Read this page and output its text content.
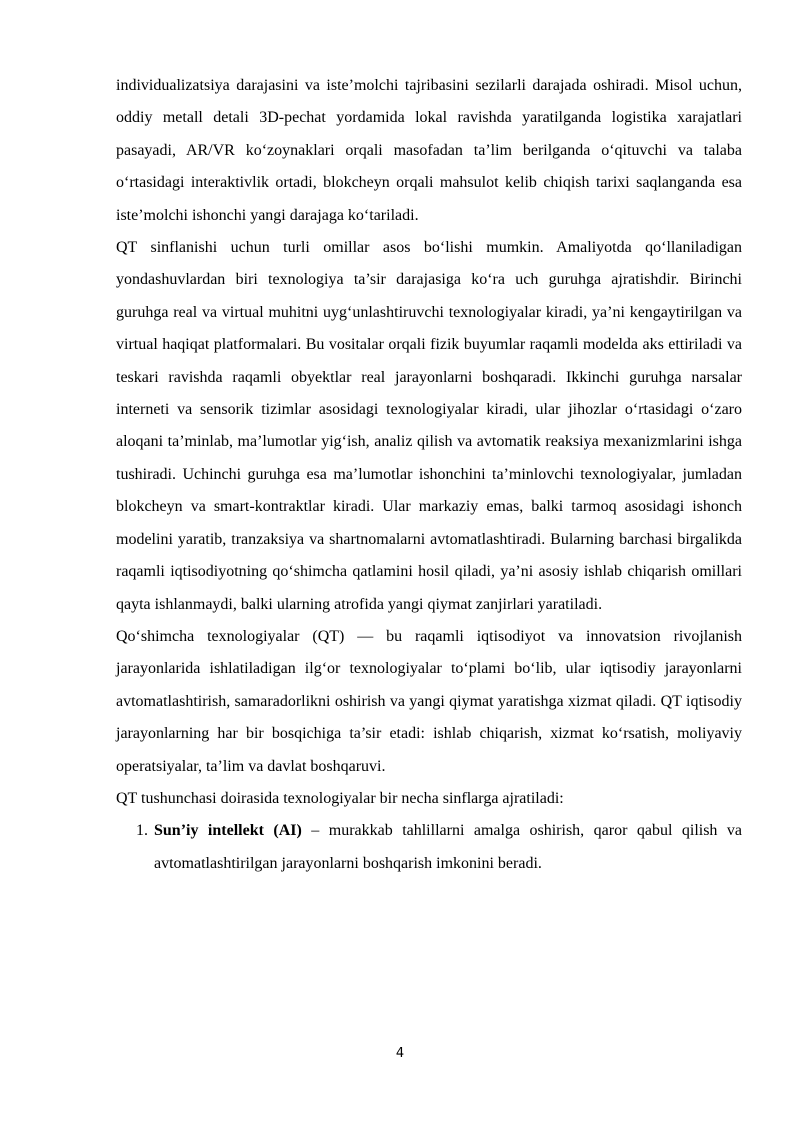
individualizatsiya darajasini va iste’molchi tajribasini sezilarli darajada oshiradi. Misol uchun, oddiy metall detali 3D-pechat yordamida lokal ravishda yaratilganda logistika xarajatlari pasayadi, AR/VR ko‘zoynaklari orqali masofadan ta’lim berilganda o‘qituvchi va talaba o‘rtasidagi interaktivlik ortadi, blokcheyn orqali mahsulot kelib chiqish tarixi saqlanganda esa iste’molchi ishonchi yangi darajaga ko‘tariladi.

QT sinflanishi uchun turli omillar asos bo‘lishi mumkin. Amaliyotda qo‘llaniladigan yondashuvlardan biri texnologiya ta’sir darajasiga ko‘ra uch guruhga ajratishdir. Birinchi guruhga real va virtual muhitni uyg‘unlashtiruvchi texnologiyalar kiradi, ya’ni kengaytirilgan va virtual haqiqat platformalari. Bu vositalar orqali fizik buyumlar raqamli modelda aks ettiriladi va teskari ravishda raqamli obyektlar real jarayonlarni boshqaradi. Ikkinchi guruhga narsalar interneti va sensorik tizimlar asosidagi texnologiyalar kiradi, ular jihozlar o‘rtasidagi o‘zaro aloqani ta’minlab, ma’lumotlar yig‘ish, analiz qilish va avtomatik reaksiya mexanizmlarini ishga tushiradi. Uchinchi guruhga esa ma’lumotlar ishonchini ta’minlovchi texnologiyalar, jumladan blokcheyn va smart-kontraktlar kiradi. Ular markaziy emas, balki tarmoq asosidagi ishonch modelini yaratib, tranzaksiya va shartnomalarni avtomatlashtiradi. Bularning barchasi birgalikda raqamli iqtisodiyotning qo‘shimcha qatlamini hosil qiladi, ya’ni asosiy ishlab chiqarish omillari qayta ishlanmaydi, balki ularning atrofida yangi qiymat zanjirlari yaratiladi.

Qo‘shimcha texnologiyalar (QT) — bu raqamli iqtisodiyot va innovatsion rivojlanish jarayonlarida ishlatiladigan ilg‘or texnologiyalar to‘plami bo‘lib, ular iqtisodiy jarayonlarni avtomatlashtirish, samaradorlikni oshirish va yangi qiymat yaratishga xizmat qiladi. QT iqtisodiy jarayonlarning har bir bosqichiga ta’sir etadi: ishlab chiqarish, xizmat ko‘rsatish, moliyaviy operatsiyalar, ta’lim va davlat boshqaruvi.

QT tushunchasi doirasida texnologiyalar bir necha sinflarga ajratiladi:

1. Sun’iy intellekt (AI) – murakkab tahlillarni amalga oshirish, qaror qabul qilish va avtomatlashtirilgan jarayonlarni boshqarish imkonini beradi.
4
